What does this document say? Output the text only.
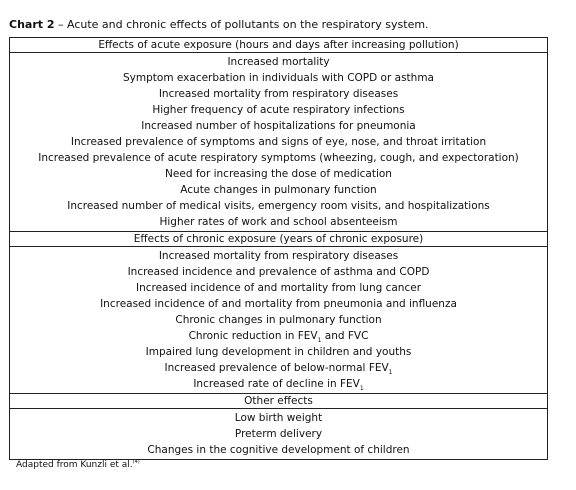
Chart 2 – Acute and chronic effects of pollutants on the respiratory system.
Effects of acute exposure (hours and days after increasing pollution)
Increased mortality
Symptom exacerbation in individuals with COPD or asthma
Increased mortality from respiratory diseases
Higher frequency of acute respiratory infections
Increased number of hospitalizations for pneumonia
Increased prevalence of symptoms and signs of eye, nose, and throat irritation
Increased prevalence of acute respiratory symptoms (wheezing, cough, and expectoration)
Need for increasing the dose of medication
Acute changes in pulmonary function
Increased number of medical visits, emergency room visits, and hospitalizations
Higher rates of work and school absenteeism
Effects of chronic exposure (years of chronic exposure)
Increased mortality from respiratory diseases
Increased incidence and prevalence of asthma and COPD
Increased incidence of and mortality from lung cancer
Increased incidence of and mortality from pneumonia and influenza
Chronic changes in pulmonary function
Chronic reduction in $FEV_1$ and FVC
Impaired lung development in children and youths
Increased prevalence of below-normal $FEV_1$
Increased rate of decline in $FEV_1$
Other effects
Low birth weight
Preterm delivery
Changes in the cognitive development of children
Adapted from Kunzli et al.$^{(4)}$
